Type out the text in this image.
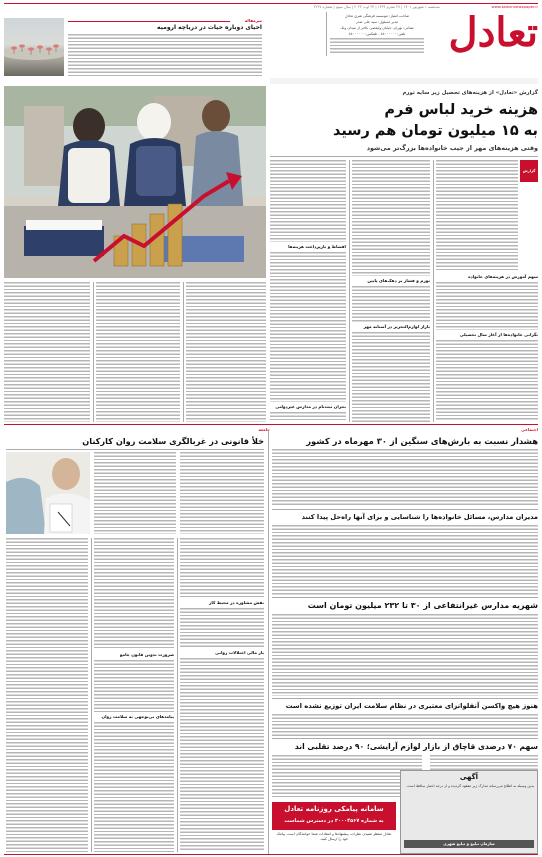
سه‌شنبه ۱ شهریور ۱۴۰۱ | ۲۷ محرم ۱۴۴۴ | ۲۳ اوت ۲۰۲۲ | سال سوم | شماره ۲۲۶۷	www.tadvinnewspaper.ir
تعادل
صاحب امتیاز: موسسه فرهنگی هنری تعادل
مدیر مسئول: سید علی صدر
نشانی: تهران، خیابان ولیعصر، بالاتر از میدان ونک
تلفن: ۸۸۰۰۰۰۰۰ - تلفکس: ۸۸۰۰۰۰۰۰
سرمقاله
احیای دوباره حیات در دریاچه ارومیه
گزارش «تعادل» از هزینه‌های تحصیل زیر سایه تورم
هزینه خرید لباس فرم
به ۱۵ میلیون تومان هم رسید
وقتی هزینه‌های مهر از جیب خانواده‌ها بزرگ‌تر می‌شود
گزارش
سهم آموزش در هزینه‌های خانواده
نگرانی خانواده‌ها از آغاز سال تحصیلی
تورم و فشار بر دهک‌های پایین
بازار لوازم‌التحریر در آستانه مهر
اقساط و بازپرداخت هزینه‌ها
بحران ثبت‌نام در مدارس غیردولتی
اجتماعی
جامعه
هشدار نسبت به بارش‌های سنگین از ۳۰ مهرماه در کشور
مدیران مدارس، مسائل خانواده‌ها را شناسایی و برای آنها راه‌حل پیدا کنند
شهریه مدارس غیرانتفاعی از ۳۰ تا ۲۳۲ میلیون تومان است
هنوز هیچ واکسن آنفلوانزای معتبری در نظام سلامت ایران توزیع نشده است
سهم ۷۰ درصدی قاچاق از بازار لوازم آرایشی؛ ۹۰ درصد تقلبی اند
آگهی
بدین وسیله به اطلاع می‌رساند مدارک زیر مفقود گردیده و از درجه اعتبار ساقط است.
سازمان تبلیغ و تبلیغ شهری
سامانه پیامکی روزنامه تعادل
به شماره ۳۰۰۰۴۵۶۷ در دسترس شماست
تعادل منتظر شنیدن نظرات، پیشنهادها و انتقادات شما خوانندگان است. پیامک خود را ارسال کنید.
خلأ قانونی در غربالگری سلامت روان کارکنان
نقش مشاوره در محیط کار
بار مالی اختلالات روانی
ضرورت تدوین قانون جامع
پیامدهای بی‌توجهی به سلامت روان
